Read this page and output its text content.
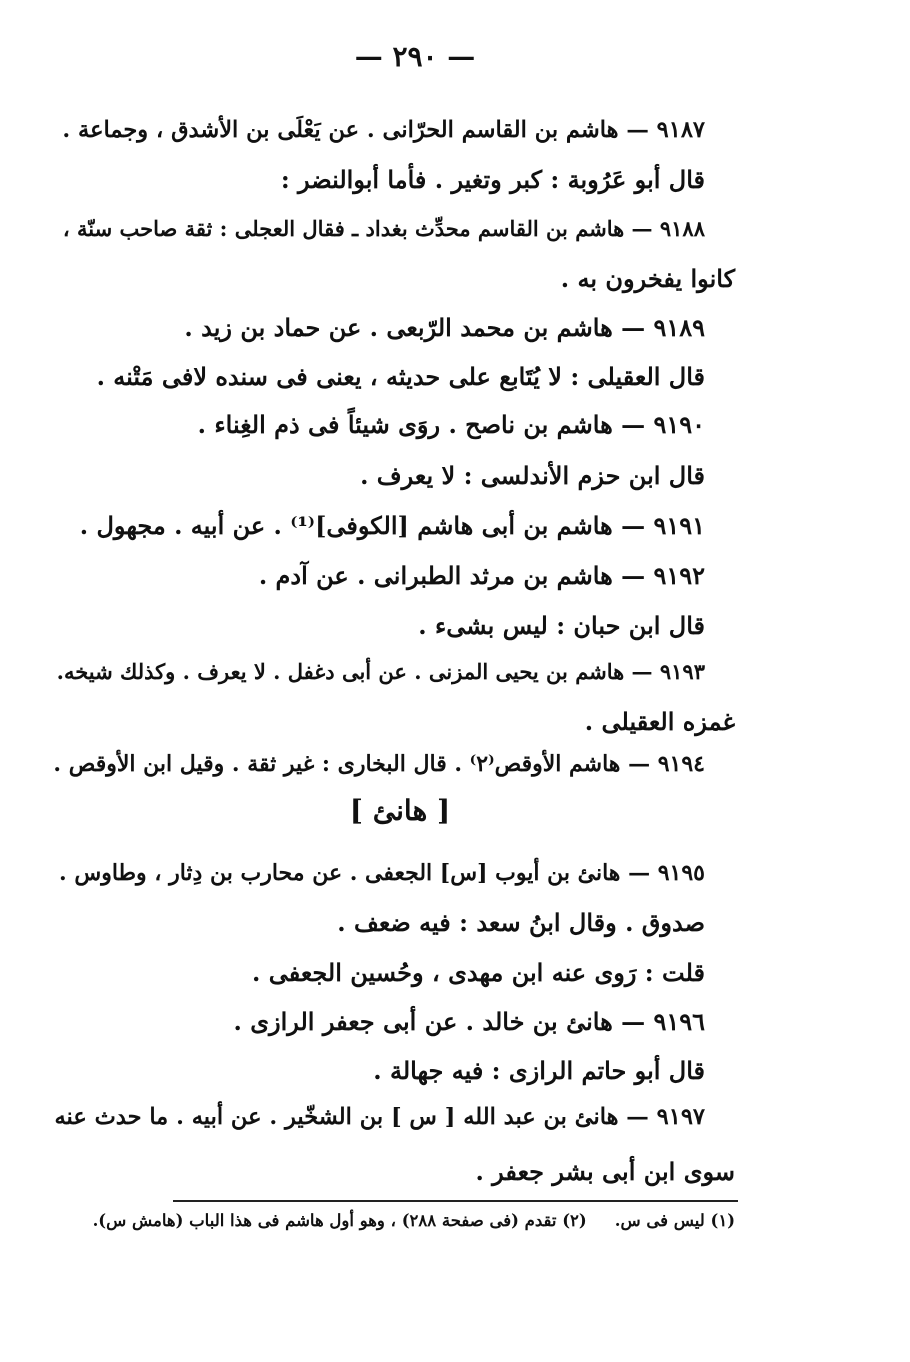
— ٢٩٠ —
٩١٨٧ — هاشم بن القاسم الحرّانى . عن يَعْلَى بن الأشدق ، وجماعة .
قال أبو عَرُوبة : كبر وتغير . فأما أبوالنضر :
٩١٨٨ — هاشم بن القاسم محدِّث بغداد ـ فقال العجلى : ثقة صاحب سنّة ،
كانوا يفخرون به .
٩١٨٩ — هاشم بن محمد الرّبعى . عن حماد بن زيد .
قال العقيلى : لا يُتَابع على حديثه ، يعنى فى سنده لافى مَتْنه .
٩١٩٠ — هاشم بن ناصح . روَى شيئاً فى ذم الغِناء .
قال ابن حزم الأندلسى : لا يعرف .
٩١٩١ — هاشم بن أبى هاشم [الكوفى]⁽¹⁾ . عن أبيه . مجهول .
٩١٩٢ — هاشم بن مرثد الطبرانى . عن آدم .
قال ابن حبان : ليس بشىء .
٩١٩٣ — هاشم بن يحيى المزنى . عن أبى دغفل . لا يعرف . وكذلك شيخه.
غمزه العقيلى .
٩١٩٤ — هاشم الأوقص⁽٢⁾ . قال البخارى : غير ثقة . وقيل ابن الأوقص .
[ هانئ ]
٩١٩٥ — هانئ بن أيوب [س] الجعفى . عن محارب بن دِثار ، وطاوس .
صدوق . وقال ابنُ سعد : فيه ضعف .
قلت : رَوى عنه ابن مهدى ، وحُسين الجعفى .
٩١٩٦ — هانئ بن خالد . عن أبى جعفر الرازى .
قال أبو حاتم الرازى : فيه جهالة .
٩١٩٧ — هانئ بن عبد الله [ س ] بن الشخّير . عن أبيه . ما حدث عنه
سوى ابن أبى بشر جعفر .
(١) ليس فى س.(٢) تقدم (فى صفحة ٢٨٨) ، وهو أول هاشم فى هذا الباب (هامش س).
